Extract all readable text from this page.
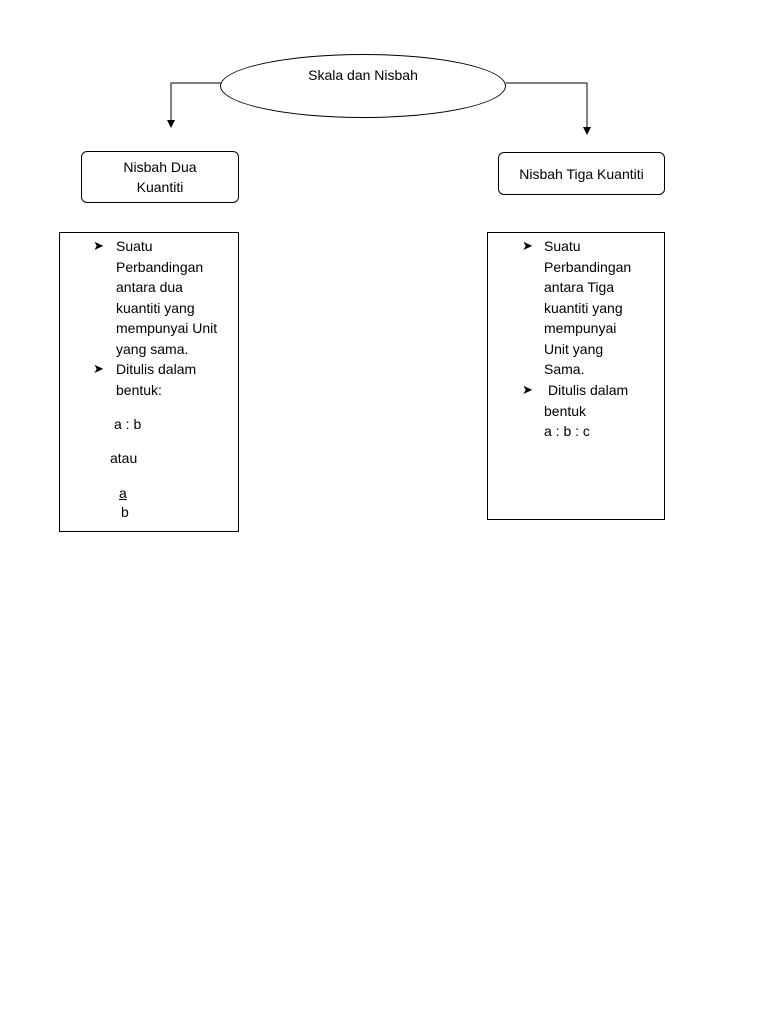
Skala dan Nisbah
Nisbah Dua
Kuantiti
Nisbah Tiga Kuantiti
➤ Suatu
Perbandingan
antara dua
kuantiti yang
mempunyai Unit
yang sama.
➤ Ditulis dalam
bentuk:
a : b
atau
a
b
➤ Suatu
Perbandingan
antara Tiga
kuantiti yang
mempunyai
Unit yang
Sama.
➤ Ditulis dalam
bentuk
a : b : c
